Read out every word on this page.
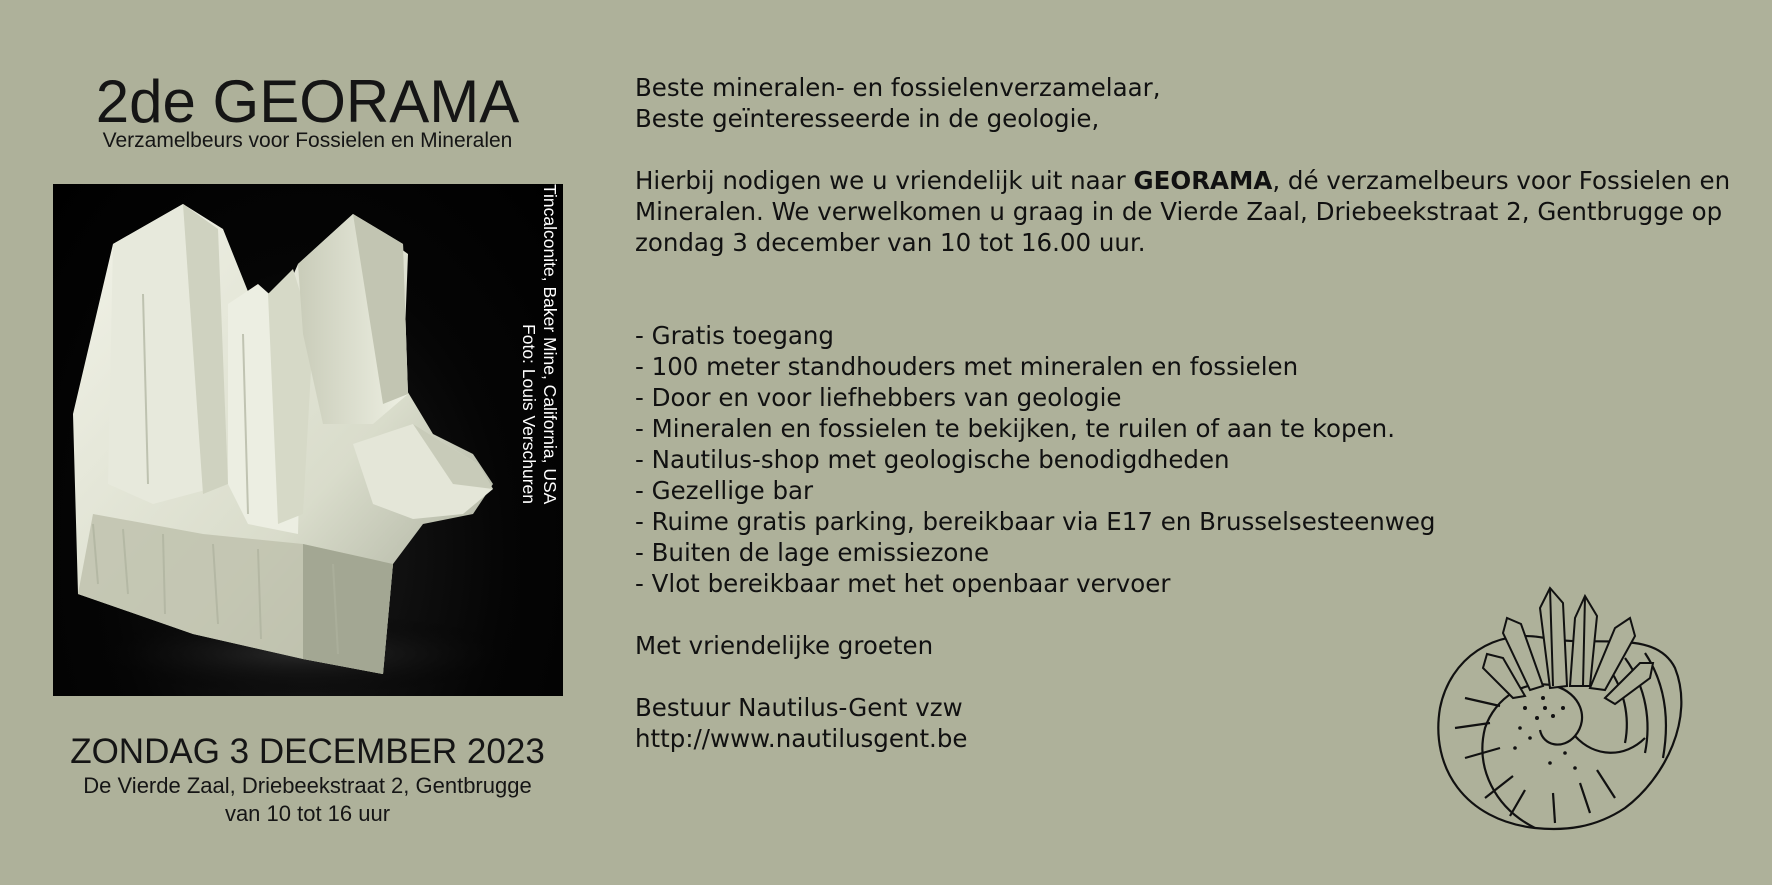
2de GEORAMA
Verzamelbeurs voor Fossielen en Mineralen
Tincalconite, Baker Mine, California, USA
Foto: Louis Verschuren
ZONDAG 3 DECEMBER 2023
De Vierde Zaal, Driebeekstraat 2, Gentbrugge
van 10 tot 16 uur

Beste mineralen- en fossielenverzamelaar,

Beste geïnteresseerde in de geologie,

Hierbij nodigen we u vriendelijk uit naar GEORAMA, dé verzamelbeurs voor Fossielen en Mineralen. We verwelkomen u graag in de Vierde Zaal, Driebeekstraat 2, Gentbrugge op zondag 3 december van 10 tot 16.00 uur.

- Gratis toegang
- 100 meter standhouders met mineralen en fossielen
- Door en voor liefhebbers van geologie
- Mineralen en fossielen te bekijken, te ruilen of aan te kopen.
- Nautilus-shop met geologische benodigdheden
- Gezellige bar
- Ruime gratis parking, bereikbaar via E17 en Brusselsesteenweg
- Buiten de lage emissiezone
- Vlot bereikbaar met het openbaar vervoer

Met vriendelijke groeten

Bestuur Nautilus-Gent vzw

http://www.nautilusgent.be
